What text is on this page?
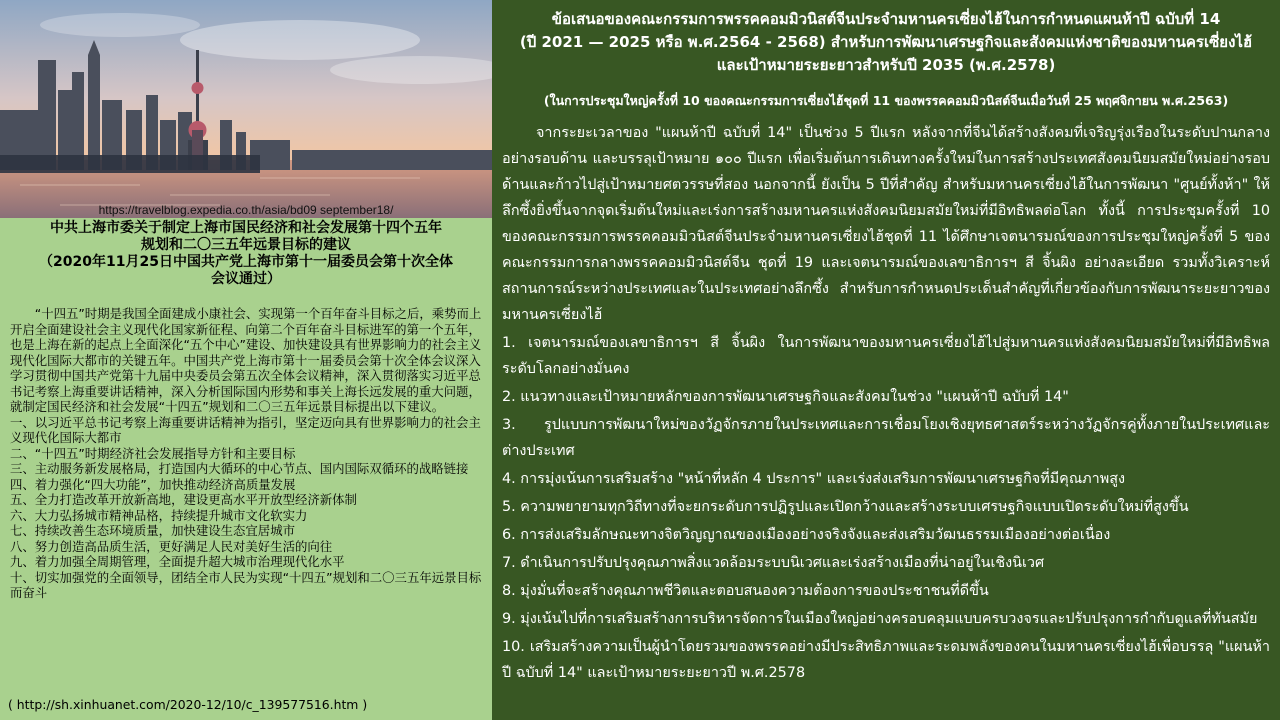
https://travelblog.expedia.co.th/asia/bd09 september18/
中共上海市委关于制定上海市国民经济和社会发展第十四个五年
规划和二〇三五年远景目标的建议
（2020年11月25日中国共产党上海市第十一届委员会第十次全体
会议通过）

“十四五”时期是我国全面建成小康社会、实现第一个百年奋斗目标之后，乘势而上开启全面建设社会主义现代化国家新征程、向第二个百年奋斗目标进军的第一个五年，也是上海在新的起点上全面深化“五个中心”建设、加快建设具有世界影响力的社会主义现代化国际大都市的关键五年。中国共产党上海市第十一届委员会第十次全体会议深入学习贯彻中国共产党第十九届中央委员会第五次全体会议精神，深入贯彻落实习近平总书记考察上海重要讲话精神，深入分析国际国内形势和事关上海长远发展的重大问题，就制定国民经济和社会发展“十四五”规划和二〇三五年远景目标提出以下建议。

一、以习近平总书记考察上海重要讲话精神为指引，坚定迈向具有世界影响力的社会主义现代化国际大都市
二、“十四五”时期经济社会发展指导方针和主要目标
三、主动服务新发展格局，打造国内大循环的中心节点、国内国际双循环的战略链接
四、着力强化“四大功能”，加快推动经济高质量发展
五、全力打造改革开放新高地，建设更高水平开放型经济新体制
六、大力弘扬城市精神品格，持续提升城市文化软实力
七、持续改善生态环境质量，加快建设生态宜居城市
八、努力创造高品质生活，更好满足人民对美好生活的向往
九、着力加强全周期管理，全面提升超大城市治理现代化水平
十、切实加强党的全面领导，团结全市人民为实现“十四五”规划和二〇三五年远景目标而奋斗
( http://sh.xinhuanet.com/2020-12/10/c_139577516.htm )
ข้อเสนอของคณะกรรมการพรรคคอมมิวนิสต์จีนประจำมหานครเซี่ยงไฮ้ในการกำหนดแผนห้าปี ฉบับที่ 14
(ปี 2021 — 2025 หรือ พ.ศ.2564 - 2568) สำหรับการพัฒนาเศรษฐกิจและสังคมแห่งชาติของมหานครเซี่ยงไฮ้
และเป้าหมายระยะยาวสำหรับปี 2035 (พ.ศ.2578)
(ในการประชุมใหญ่ครั้งที่ 10 ของคณะกรรมการเซี่ยงไฮ้ชุดที่ 11 ของพรรคคอมมิวนิสต์จีนเมื่อวันที่ 25 พฤศจิกายน พ.ศ.2563)

จากระยะเวลาของ "แผนห้าปี ฉบับที่ 14" เป็นช่วง 5 ปีแรก หลังจากที่จีนได้สร้างสังคมที่เจริญรุ่งเรืองในระดับปานกลางอย่างรอบด้าน และบรรลุเป้าหมาย ๑๐๐ ปีแรก เพื่อเริ่มต้นการเดินทางครั้งใหม่ในการสร้างประเทศสังคมนิยมสมัยใหม่อย่างรอบด้านและก้าวไปสู่เป้าหมายศตวรรษที่สอง นอกจากนี้ ยังเป็น 5 ปีที่สำคัญ สำหรับมหานครเซี่ยงไฮ้ในการพัฒนา "ศูนย์ทั้งห้า" ให้ลึกซึ้งยิ่งขึ้นจากจุดเริ่มต้นใหม่และเร่งการสร้างมหานครแห่งสังคมนิยมสมัยใหม่ที่มีอิทธิพลต่อโลก ทั้งนี้ การประชุมครั้งที่ 10 ของคณะกรรมการพรรคคอมมิวนิสต์จีนประจำมหานครเซี่ยงไฮ้ชุดที่ 11 ได้ศึกษาเจตนารมณ์ของการประชุมใหญ่ครั้งที่ 5 ของคณะกรรมการกลางพรรคคอมมิวนิสต์จีน ชุดที่ 19 และเจตนารมณ์ของเลขาธิการฯ สี จิ้นผิง อย่างละเอียด รวมทั้งวิเคราะห์สถานการณ์ระหว่างประเทศและในประเทศอย่างลึกซึ้ง สำหรับการกำหนดประเด็นสำคัญที่เกี่ยวข้องกับการพัฒนาระยะยาวของมหานครเซี่ยงไฮ้

1. เจตนารมณ์ของเลขาธิการฯ สี จิ้นผิง ในการพัฒนาของมหานครเซี่ยงไฮ้ไปสู่มหานครแห่งสังคมนิยมสมัยใหม่ที่มีอิทธิพลระดับโลกอย่างมั่นคง
2. แนวทางและเป้าหมายหลักของการพัฒนาเศรษฐกิจและสังคมในช่วง "แผนห้าปี ฉบับที่ 14"
3. รูปแบบการพัฒนาใหม่ของวัฏจักรภายในประเทศและการเชื่อมโยงเชิงยุทธศาสตร์ระหว่างวัฏจักรคู่ทั้งภายในประเทศและต่างประเทศ
4. การมุ่งเน้นการเสริมสร้าง "หน้าที่หลัก 4 ประการ" และเร่งส่งเสริมการพัฒนาเศรษฐกิจที่มีคุณภาพสูง
5. ความพยายามทุกวิถีทางที่จะยกระดับการปฏิรูปและเปิดกว้างและสร้างระบบเศรษฐกิจแบบเปิดระดับใหม่ที่สูงขึ้น
6. การส่งเสริมลักษณะทางจิตวิญญาณของเมืองอย่างจริงจังและส่งเสริมวัฒนธรรมเมืองอย่างต่อเนื่อง
7. ดำเนินการปรับปรุงคุณภาพสิ่งแวดล้อมระบบนิเวศและเร่งสร้างเมืองที่น่าอยู่ในเชิงนิเวศ
8. มุ่งมั่นที่จะสร้างคุณภาพชีวิตและตอบสนองความต้องการของประชาชนที่ดีขึ้น
9. มุ่งเน้นไปที่การเสริมสร้างการบริหารจัดการในเมืองใหญ่อย่างครอบคลุมแบบครบวงจรและปรับปรุงการกำกับดูแลที่ทันสมัย
10. เสริมสร้างความเป็นผู้นำโดยรวมของพรรคอย่างมีประสิทธิภาพและระดมพลังของคนในมหานครเซี่ยงไฮ้เพื่อบรรลุ "แผนห้าปี ฉบับที่ 14" และเป้าหมายระยะยาวปี พ.ศ.2578
